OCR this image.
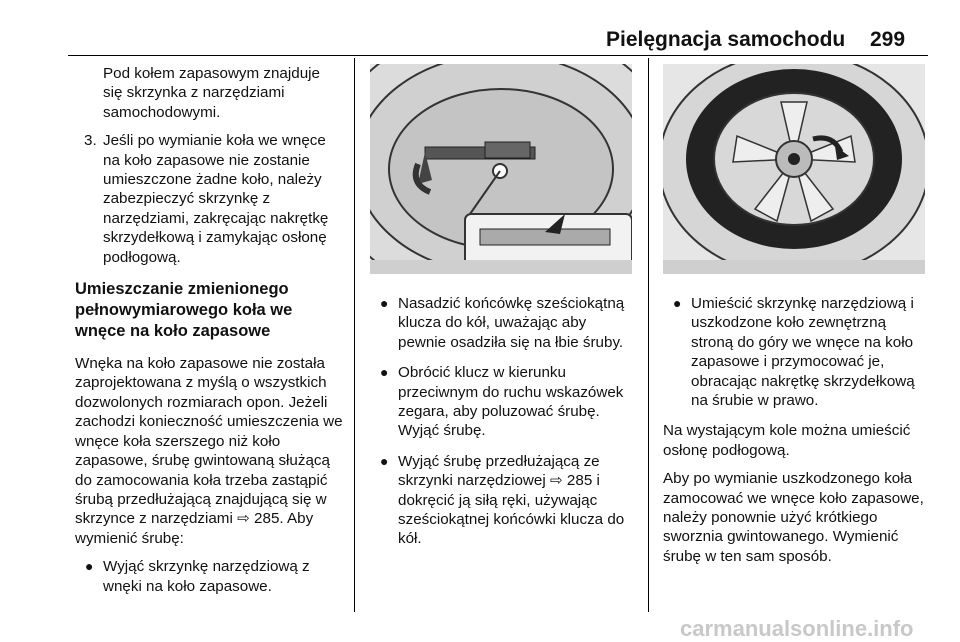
Pielęgnacja samochodu 299

Pod kołem zapasowym znajduje się skrzynka z narzędziami samochodowymi.

3. Jeśli po wymianie koła we wnęce na koło zapasowe nie zostanie umieszczone żadne koło, należy zabezpieczyć skrzynkę z narzędziami, zakręcając nakrętkę skrzydełkową i zamykając osłonę podłogową.
Umieszczanie zmienionego pełnowymiarowego koła we wnęce na koło zapasowe

Wnęka na koło zapasowe nie została zaprojektowana z myślą o wszystkich dozwolonych rozmiarach opon. Jeżeli zachodzi konieczność umieszczenia we wnęce koła szerszego niż koło zapasowe, śrubę gwintowaną służącą do zamocowania koła trzeba zastąpić śrubą przedłużającą znajdującą się w skrzynce z narzędziami ⇨ 285. Aby wymienić śrubę:

● Wyjąć skrzynkę narzędziową z wnęki na koło zapasowe.
● Nasadzić końcówkę sześciokątną klucza do kół, uważając aby pewnie osadziła się na łbie śruby.
● Obrócić klucz w kierunku przeciwnym do ruchu wskazówek zegara, aby poluzować śrubę. Wyjąć śrubę.
● Wyjąć śrubę przedłużającą ze skrzynki narzędziowej ⇨ 285 i dokręcić ją siłą ręki, używając sześciokątnej końcówki klucza do kół.
● Umieścić skrzynkę narzędziową i uszkodzone koło zewnętrzną stroną do góry we wnęce na koło zapasowe i przymocować je, obracając nakrętkę skrzydełkową na śrubie w prawo.

Na wystającym kole można umieścić osłonę podłogową.

Aby po wymianie uszkodzonego koła zamocować we wnęce koło zapasowe, należy ponownie użyć krótkiego sworznia gwintowanego. Wymienić śrubę w ten sam sposób.

carmanualsonline.info
